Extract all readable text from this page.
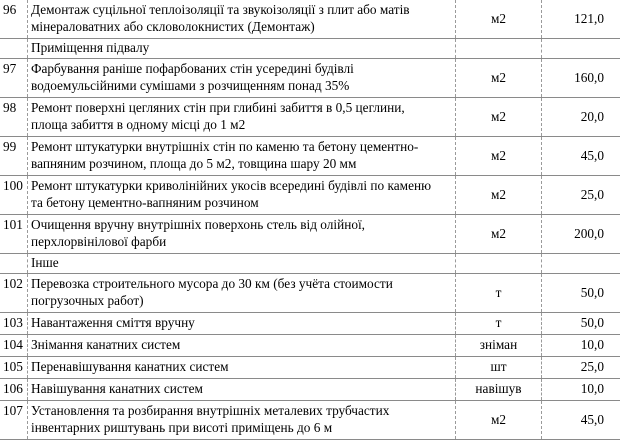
96	Демонтаж суцільної теплоізоляції та звукоізоляції з плит або матів
мінераловатних або скловолокнистих (Демонтаж)
м2	121,0
Приміщення підвалу
97	Фарбування раніше пофарбованих стін усередині будівлі
водоемульсійними сумішами з розчищенням понад 35%
м2	160,0
98	Ремонт поверхні цегляних стін при глибині забиття в 0,5 цеглини,
площа забиття в одному місці до 1 м2
м2	20,0
99	Ремонт штукатурки внутрішніх стін по каменю та бетону цементно-
вапняним розчином, площа до 5 м2, товщина шару 20 мм
м2	45,0
100 Ремонт штукатурки криволінійних укосів всередині будівлі по каменю
та бетону цементно-вапняним розчином
м2	25,0
101 Очищення вручну внутрішніх поверхонь стель від олійної,
перхлорвінілової фарби
м2	200,0
Інше
102 Перевозка строительного мусора до 30 км (без учёта стоимости
погрузочных работ)
т	50,0
103 Навантаження сміття вручну	т	50,0
104 Знімання канатних систем	зніман	10,0
105 Перенавішування канатних систем	шт	25,0
106 Навішування канатних систем	навішув	10,0
107 Установлення та розбирання внутрішніх металевих трубчастих
інвентарних риштувань при висоті приміщень до 6 м
м2	45,0
